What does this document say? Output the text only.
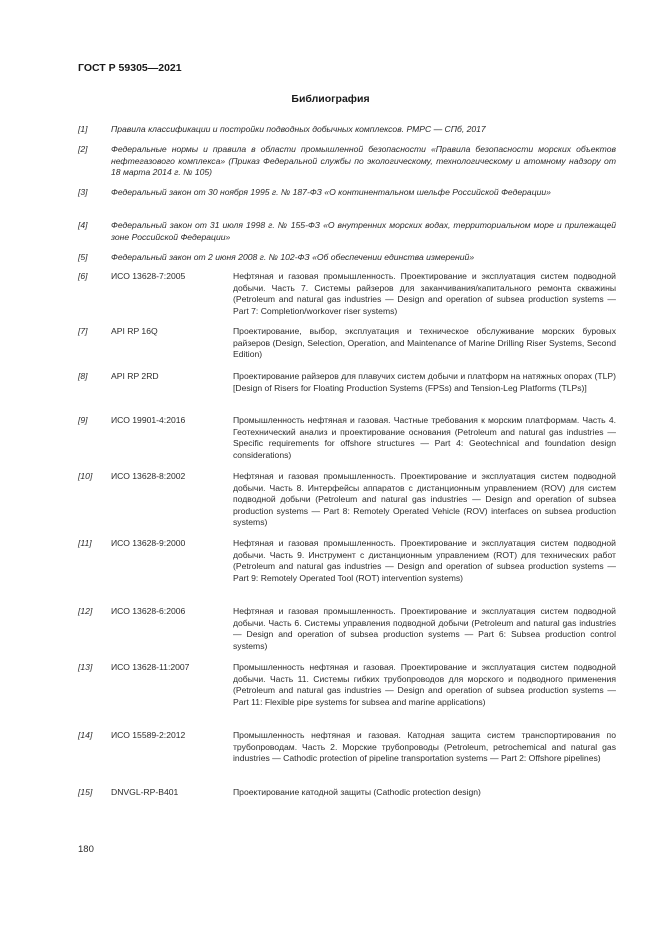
ГОСТ Р 59305—2021
Библиография
[1]	Правила классификации и постройки подводных добычных комплексов. РМРС — СПб, 2017
[2]	Федеральные нормы и правила в области промышленной безопасности «Правила безопасности морских объектов нефтегазового комплекса» (Приказ Федеральной службы по экологическому, технологическому и атомному надзору от 18 марта 2014 г. № 105)
[3]	Федеральный закон от 30 ноября 1995 г. № 187-ФЗ «О континентальном шельфе Российской Федерации»
[4]	Федеральный закон от 31 июля 1998 г. № 155-ФЗ «О внутренних морских водах, территориальном море и прилежащей зоне Российской Федерации»
[5]	Федеральный закон от 2 июня 2008 г. № 102-ФЗ «Об обеспечении единства измерений»
[6]	ИСО 13628-7:2005	Нефтяная и газовая промышленность. Проектирование и эксплуатация систем подводной добычи. Часть 7. Системы райзеров для заканчивания/капитального ремонта скважины (Petroleum and natural gas industries — Design and operation of subsea production systems — Part 7: Completion/workover riser systems)
[7]	API RP 16Q	Проектирование, выбор, эксплуатация и техническое обслуживание морских буровых райзеров (Design, Selection, Operation, and Maintenance of Marine Drilling Riser Systems, Second Edition)
[8]	API RP 2RD	Проектирование райзеров для плавучих систем добычи и платформ на натяжных опорах (TLP) [Design of Risers for Floating Production Systems (FPSs) and Tension-Leg Platforms (TLPs)]
[9]	ИСО 19901-4:2016	Промышленность нефтяная и газовая. Частные требования к морским платформам. Часть 4. Геотехнический анализ и проектирование основания (Petroleum and natural gas industries — Specific requirements for offshore structures — Part 4: Geotechnical and foundation design considerations)
[10]	ИСО 13628-8:2002	Нефтяная и газовая промышленность. Проектирование и эксплуатация систем подводной добычи. Часть 8. Интерфейсы аппаратов с дистанционным управлением (ROV) для систем подводной добычи (Petroleum and natural gas industries — Design and operation of subsea production systems — Part 8: Remotely Operated Vehicle (ROV) interfaces on subsea production systems)
[11]	ИСО 13628-9:2000	Нефтяная и газовая промышленность. Проектирование и эксплуатация систем подводной добычи. Часть 9. Инструмент с дистанционным управлением (ROT) для технических работ (Petroleum and natural gas industries — Design and operation of subsea production systems — Part 9: Remotely Operated Tool (ROT) intervention systems)
[12]	ИСО 13628-6:2006	Нефтяная и газовая промышленность. Проектирование и эксплуатация систем подводной добычи. Часть 6. Системы управления подводной добычи (Petroleum and natural gas industries — Design and operation of subsea production systems — Part 6: Subsea production control systems)
[13]	ИСО 13628-11:2007	Промышленность нефтяная и газовая. Проектирование и эксплуатация систем подводной добычи. Часть 11. Системы гибких трубопроводов для морского и подводного применения (Petroleum and natural gas industries — Design and operation of subsea production systems — Part 11: Flexible pipe systems for subsea and marine applications)
[14]	ИСО 15589-2:2012	Промышленность нефтяная и газовая. Катодная защита систем транспортирования по трубопроводам. Часть 2. Морские трубопроводы (Petroleum, petrochemical and natural gas industries — Cathodic protection of pipeline transportation systems — Part 2: Offshore pipelines)
[15]	DNVGL-RP-B401	Проектирование катодной защиты (Cathodic protection design)
180
